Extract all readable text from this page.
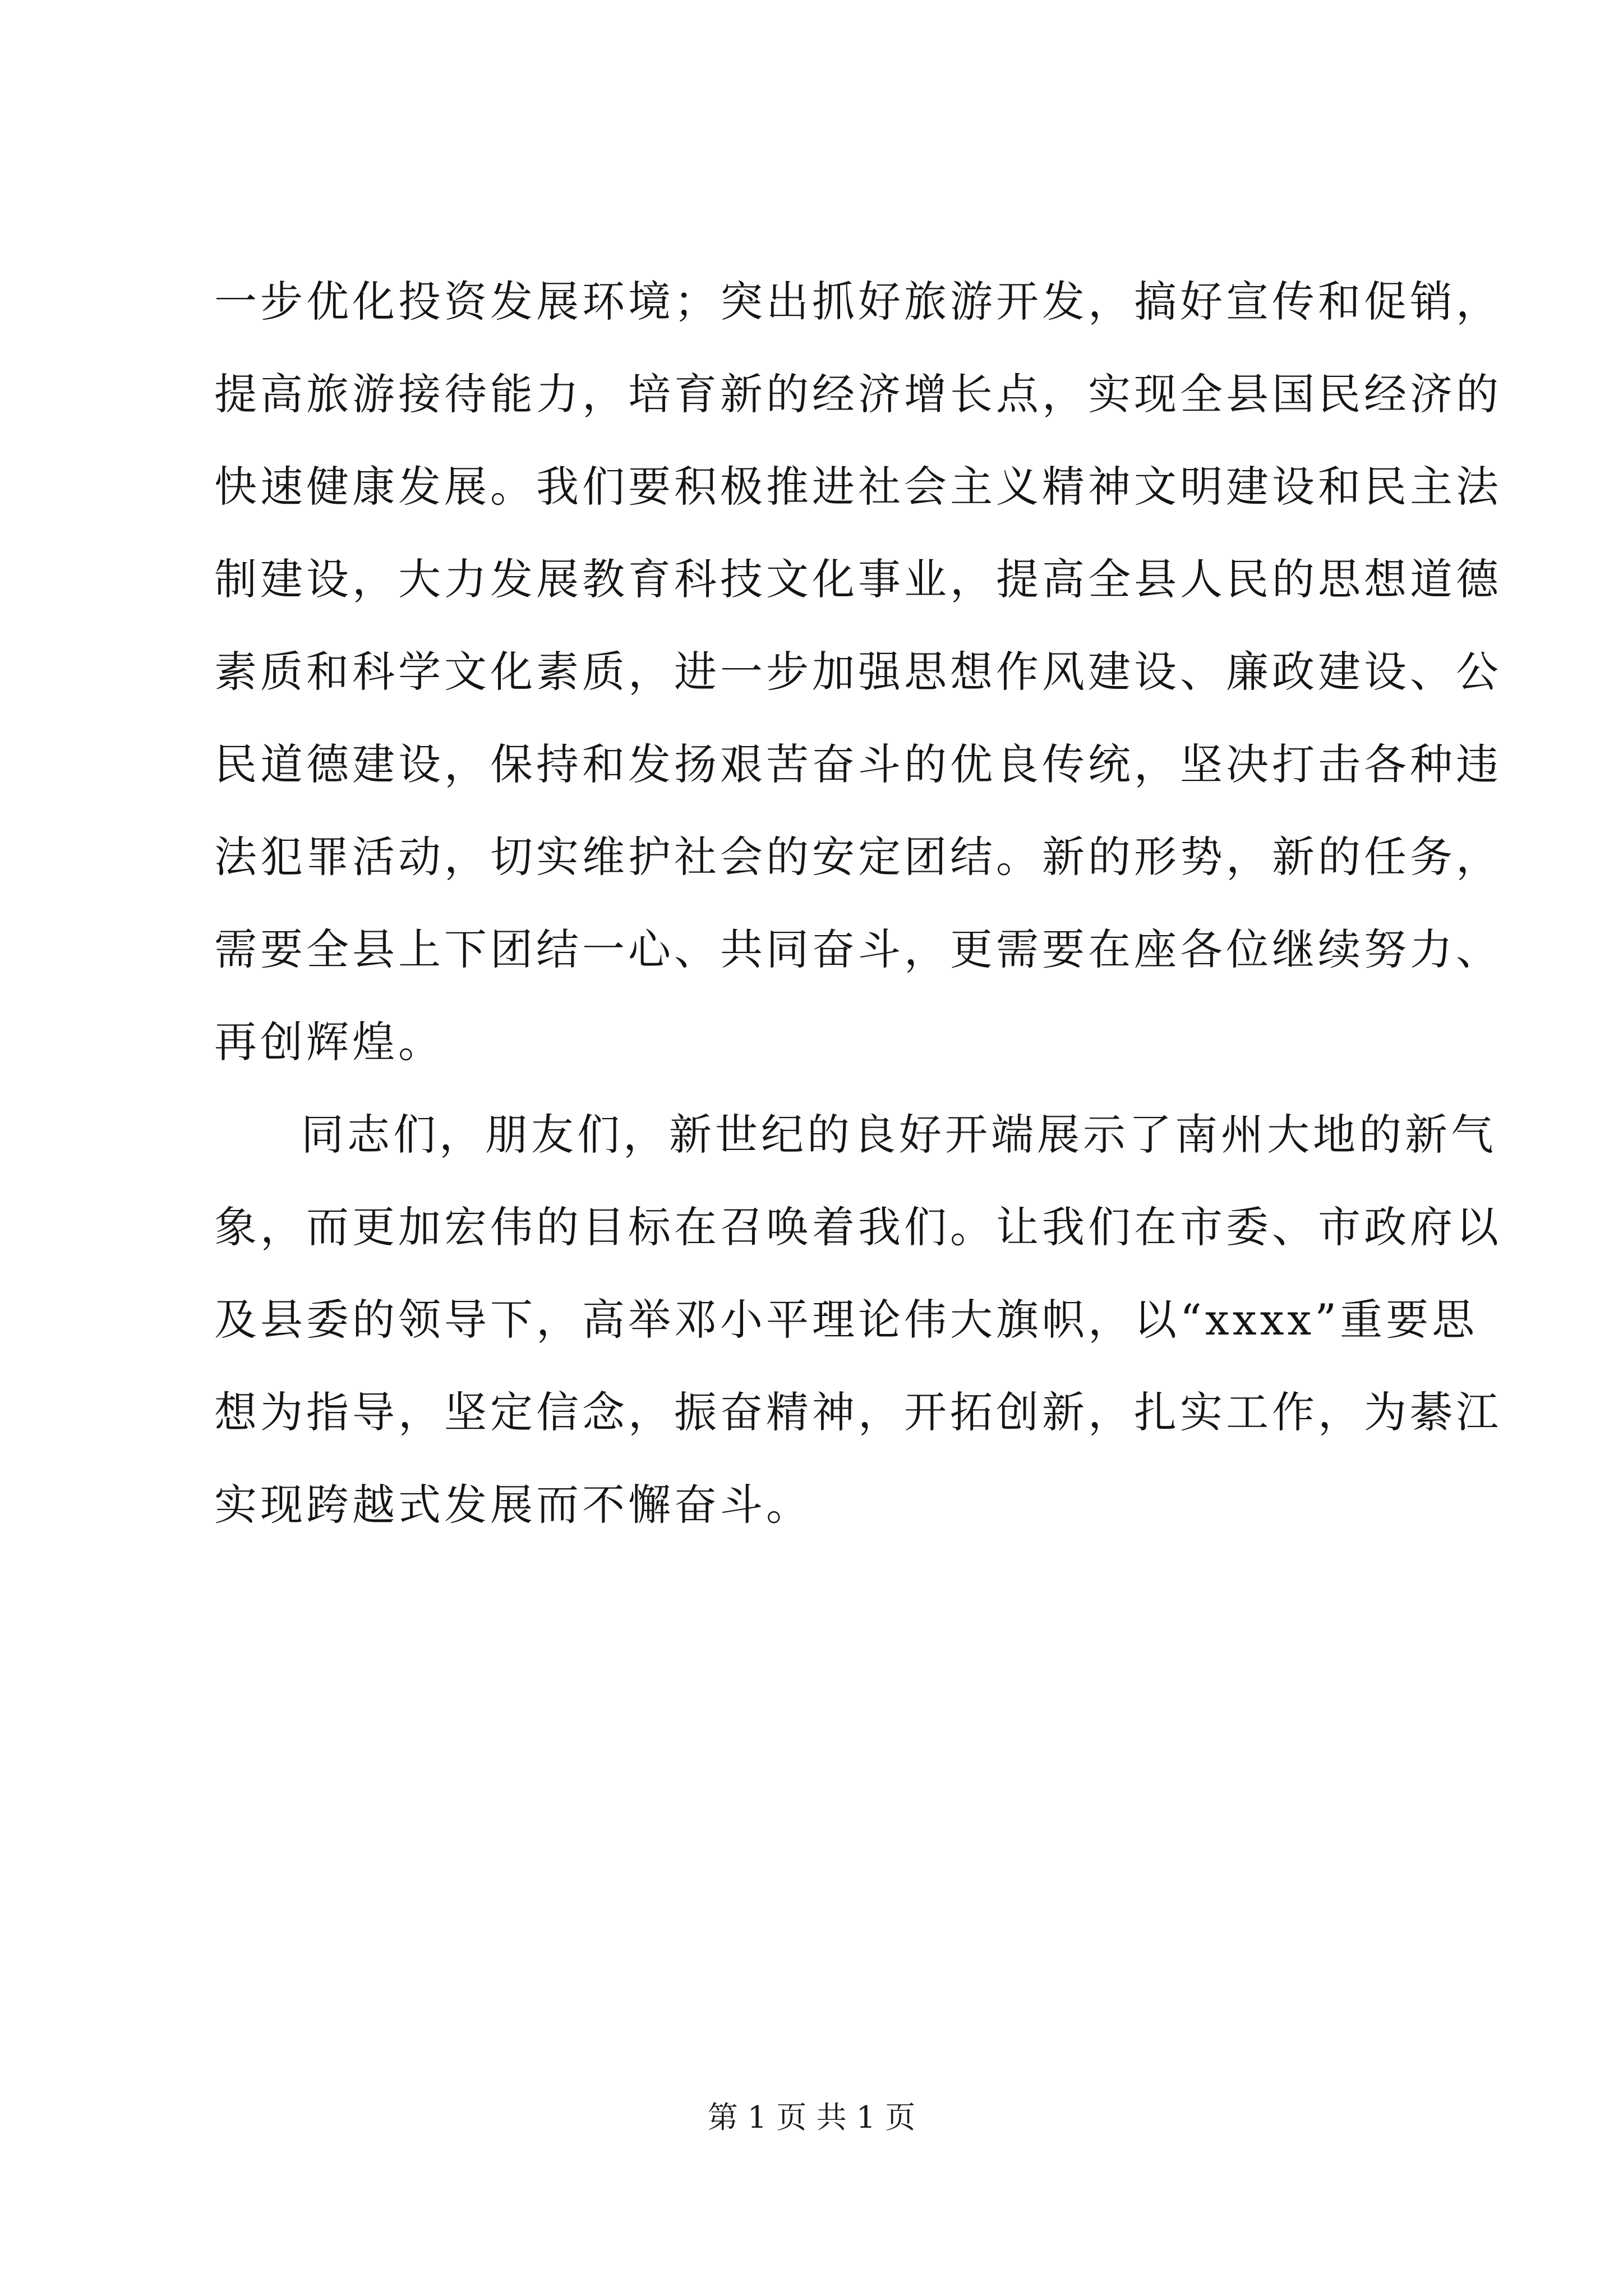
一步优化投资发展环境；突出抓好旅游开发，搞好宣传和促销，
提高旅游接待能力，培育新的经济增长点，实现全县国民经济的
快速健康发展。我们要积极推进社会主义精神文明建设和民主法
制建设，大力发展教育科技文化事业，提高全县人民的思想道德
素质和科学文化素质，进一步加强思想作风建设、廉政建设、公
民道德建设，保持和发扬艰苦奋斗的优良传统，坚决打击各种违
法犯罪活动，切实维护社会的安定团结。新的形势，新的任务，
需要全县上下团结一心、共同奋斗，更需要在座各位继续努力、
再创辉煌。
同志们，朋友们，新世纪的良好开端展示了南州大地的新气
象，而更加宏伟的目标在召唤着我们。让我们在市委、市政府以
及县委的领导下，高举邓小平理论伟大旗帜，以“xxxx”重要思
想为指导，坚定信念，振奋精神，开拓创新，扎实工作，为綦江
实现跨越式发展而不懈奋斗。
第 1 页 共 1 页
